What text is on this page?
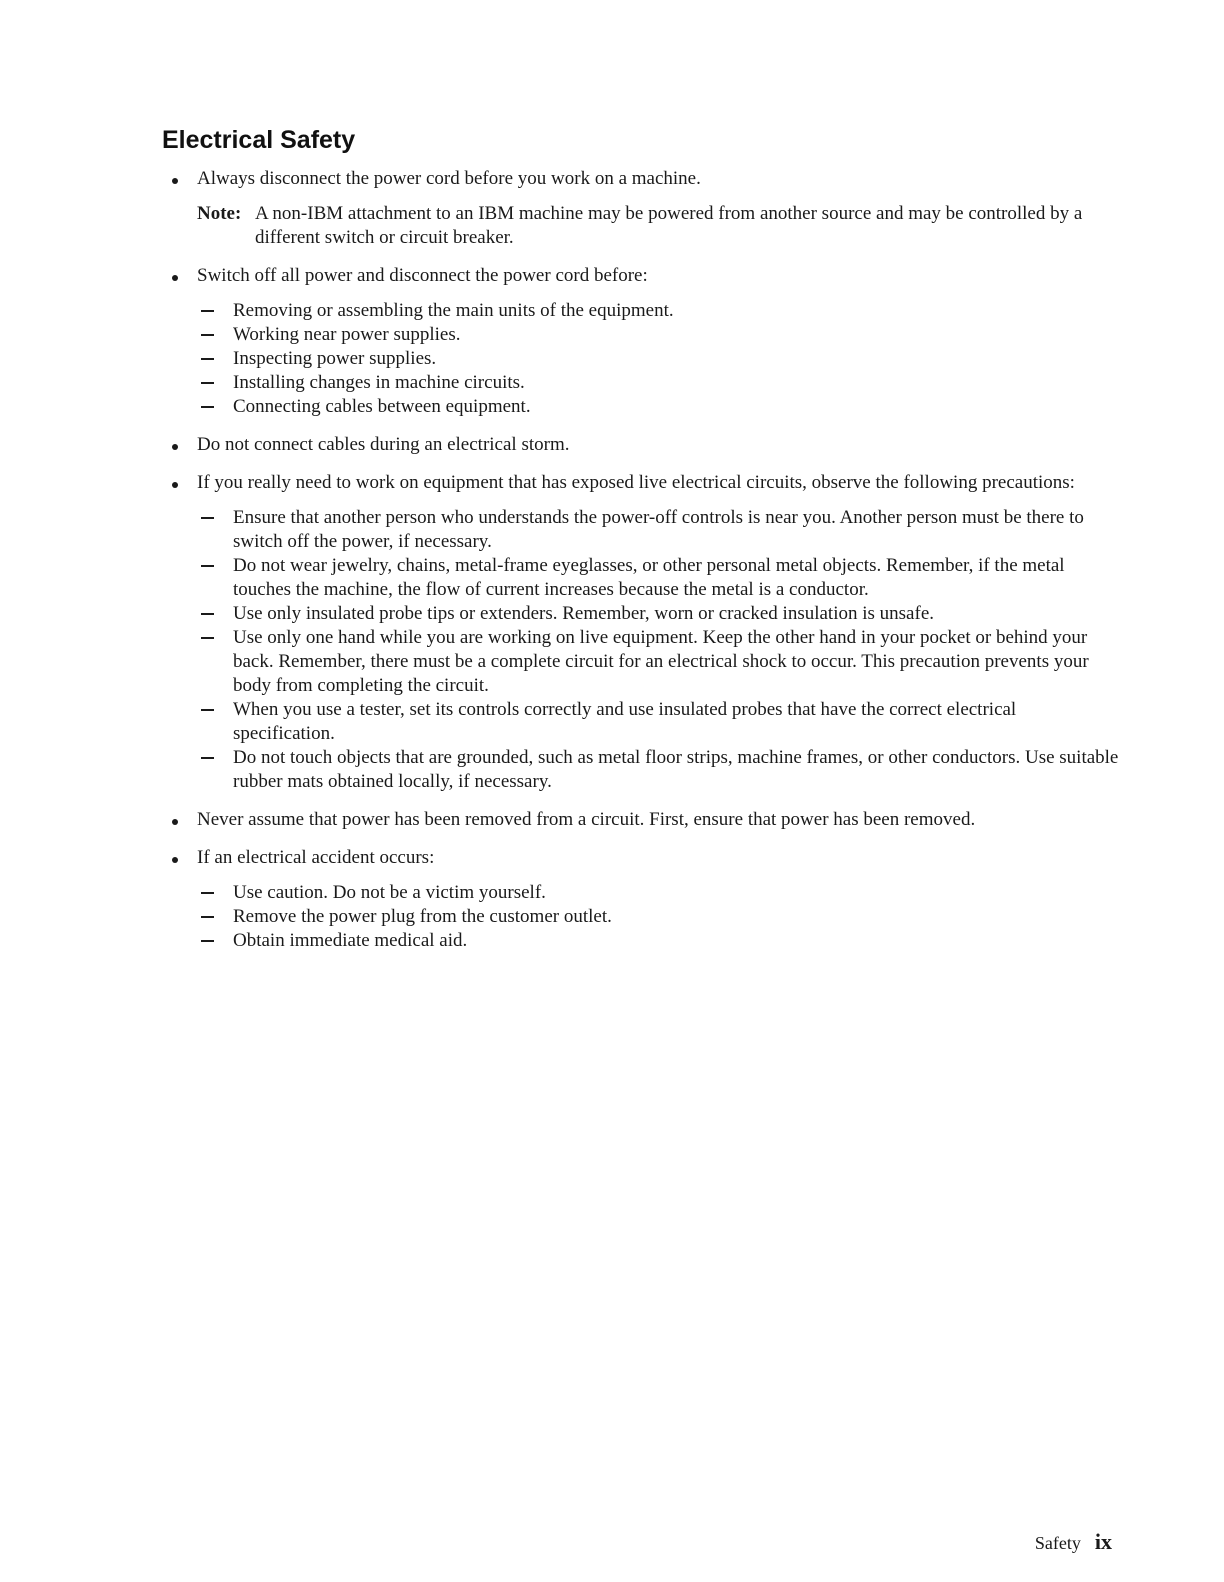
Electrical Safety
Always disconnect the power cord before you work on a machine.
Note: A non-IBM attachment to an IBM machine may be powered from another source and may be controlled by a different switch or circuit breaker.
Switch off all power and disconnect the power cord before:
Removing or assembling the main units of the equipment.
Working near power supplies.
Inspecting power supplies.
Installing changes in machine circuits.
Connecting cables between equipment.
Do not connect cables during an electrical storm.
If you really need to work on equipment that has exposed live electrical circuits, observe the following precautions:
Ensure that another person who understands the power-off controls is near you. Another person must be there to switch off the power, if necessary.
Do not wear jewelry, chains, metal-frame eyeglasses, or other personal metal objects. Remember, if the metal touches the machine, the flow of current increases because the metal is a conductor.
Use only insulated probe tips or extenders. Remember, worn or cracked insulation is unsafe.
Use only one hand while you are working on live equipment. Keep the other hand in your pocket or behind your back. Remember, there must be a complete circuit for an electrical shock to occur. This precaution prevents your body from completing the circuit.
When you use a tester, set its controls correctly and use insulated probes that have the correct electrical specification.
Do not touch objects that are grounded, such as metal floor strips, machine frames, or other conductors. Use suitable rubber mats obtained locally, if necessary.
Never assume that power has been removed from a circuit. First, ensure that power has been removed.
If an electrical accident occurs:
Use caution. Do not be a victim yourself.
Remove the power plug from the customer outlet.
Obtain immediate medical aid.
Safety ix
